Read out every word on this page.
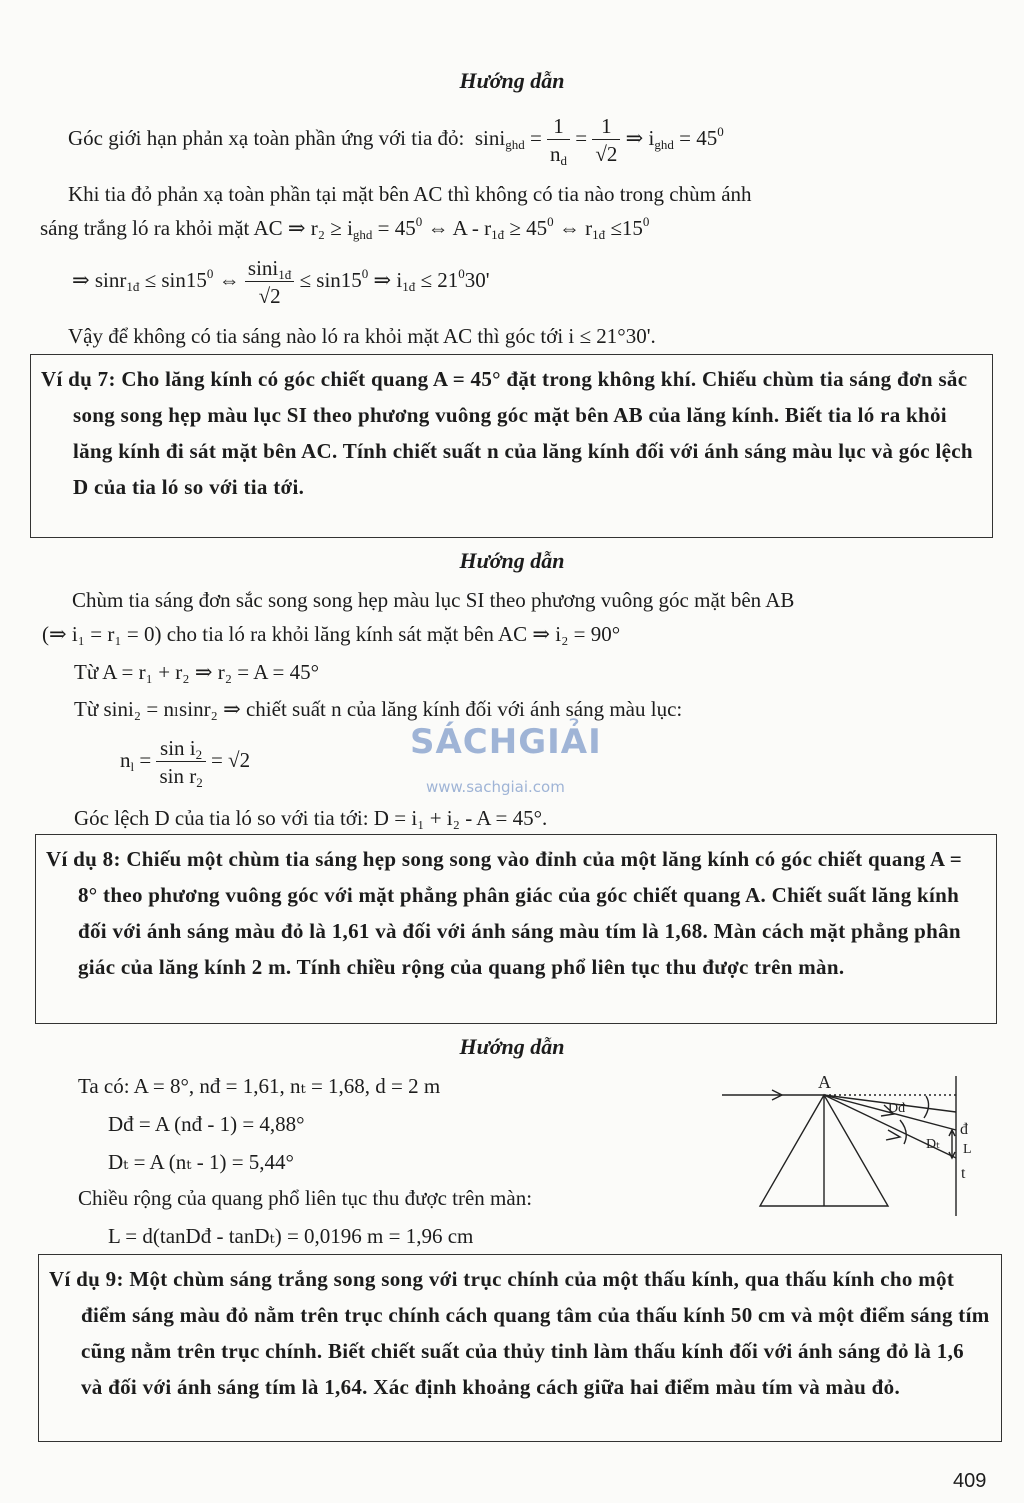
Hướng dẫn
Góc giới hạn phản xạ toàn phần ứng với tia đỏ:  $\sin i_{ghd} = \frac{1}{n_d} = \frac{1}{√2}$ ⇒ $i_{ghd} = 45^0$
Khi tia đỏ phản xạ toàn phần tại mặt bên AC thì không có tia nào trong chùm ánh
sáng trắng ló ra khỏi mặt AC ⇒ $r_2 \ge i_{ghd} = 45^0$ ⇔ $A - r_{1đ} \ge 45^0$ ⇔ $r_{1đ} \le 15^0$
⇒ $\sin r_{1đ} \le \sin 15^0$ ⇔ $\frac{\sin i_{1đ}}{√2} \le \sin 15^0$ ⇒ $i_{1đ} \le 21^030'$
Vậy để không có tia sáng nào ló ra khỏi mặt AC thì góc tới i ≤ 21°30'.

Ví dụ 7: Cho lăng kính có góc chiết quang A = 45° đặt trong không khí. Chiếu chùm tia sáng đơn sắc song song hẹp màu lục SI theo phương vuông góc mặt bên AB của lăng kính. Biết tia ló ra khỏi lăng kính đi sát mặt bên AC. Tính chiết suất n của lăng kính đối với ánh sáng màu lục và góc lệch D của tia ló so với tia tới.

Hướng dẫn
Chùm tia sáng đơn sắc song song hẹp màu lục SI theo phương vuông góc mặt bên AB
(⇒ i₁ = r₁ = 0) cho tia ló ra khỏi lăng kính sát mặt bên AC ⇒ i₂ = 90°
Từ A = r₁ + r₂ ⇒ r₂ = A = 45°
Từ sini₂ = nₗsinr₂ ⇒ chiết suất n của lăng kính đối với ánh sáng màu lục:
$n_l = \frac{\sin i_2}{\sin r_2} = √2$
Góc lệch D của tia ló so với tia tới: D = i₁ + i₂ - A = 45°.
SÁCHGIẢI
www.sachgiai.com

Ví dụ 8: Chiếu một chùm tia sáng hẹp song song vào đỉnh của một lăng kính có góc chiết quang A = 8° theo phương vuông góc với mặt phẳng phân giác của góc chiết quang A. Chiết suất lăng kính đối với ánh sáng màu đỏ là 1,61 và đối với ánh sáng màu tím là 1,68. Màn cách mặt phẳng phân giác của lăng kính 2 m. Tính chiều rộng của quang phổ liên tục thu được trên màn.

Hướng dẫn
Ta có: A = 8°, nđ = 1,61, nₜ = 1,68, d = 2 m
Dđ = A (nđ - 1) = 4,88°
Dₜ = A (nₜ - 1) = 5,44°
Chiều rộng của quang phổ liên tục thu được trên màn:
L = d(tanDđ - tanDₜ) = 0,0196 m = 1,96 cm
A
Dđ
Dₜ
đ
L
t

Ví dụ 9: Một chùm sáng trắng song song với trục chính của một thấu kính, qua thấu kính cho một điểm sáng màu đỏ nằm trên trục chính cách quang tâm của thấu kính 50 cm và một điểm sáng tím cũng nằm trên trục chính. Biết chiết suất của thủy tinh làm thấu kính đối với ánh sáng đỏ là 1,6 và đối với ánh sáng tím là 1,64. Xác định khoảng cách giữa hai điểm màu tím và màu đỏ.

409
